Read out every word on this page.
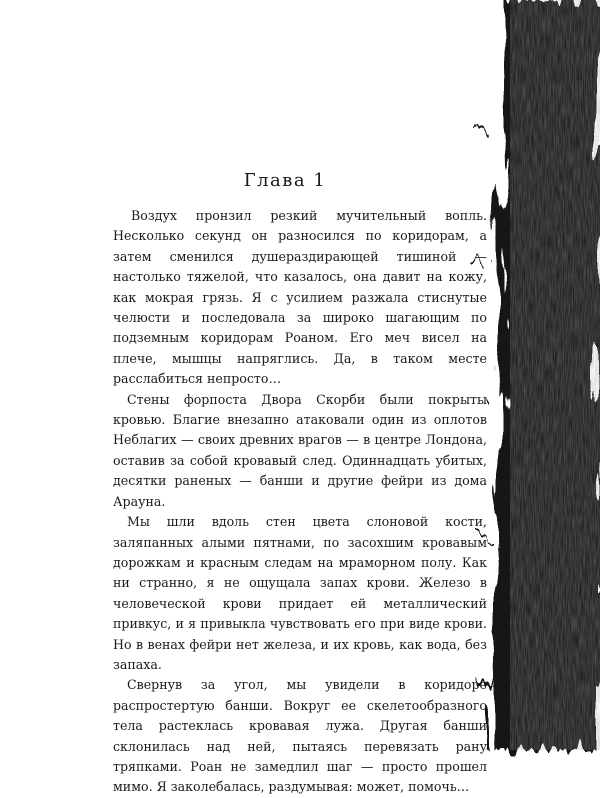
Глава 1

Воздух пронзил резкий мучительный вопль. Несколько секунд он разносился по коридорам, а затем сменился душераздирающей тишиной — настолько тяжелой, что казалось, она давит на кожу, как мокрая грязь. Я с усилием разжала стиснутые челюсти и последовала за широко шагающим по подземным коридорам Роаном. Его меч висел на плече, мышцы напряглись. Да, в таком месте расслабиться непросто…

Стены форпоста Двора Скорби были покрыты кровью. Благие внезапно атаковали один из оплотов Неблагих — своих древних врагов — в центре Лондона, оставив за собой кровавый след. Одиннадцать убитых, десятки раненых — банши и другие фейри из дома Арауна.

Мы шли вдоль стен цвета слоновой кости, заляпанных алыми пятнами, по засохшим кровавым дорожкам и красным следам на мраморном полу. Как ни странно, я не ощущала запах крови. Железо в человеческой крови придает ей металлический привкус, и я привыкла чувствовать его при виде крови. Но в венах фейри нет железа, и их кровь, как вода, без запаха.

Свернув за угол, мы увидели в коридоре распростертую банши. Вокруг ее скелетообразного тела растеклась кровавая лужа. Другая банши склонилась над ней, пытаясь перевязать рану тряпками. Роан не замедлил шаг — просто прошел мимо. Я заколебалась, раздумывая: может, помочь…
